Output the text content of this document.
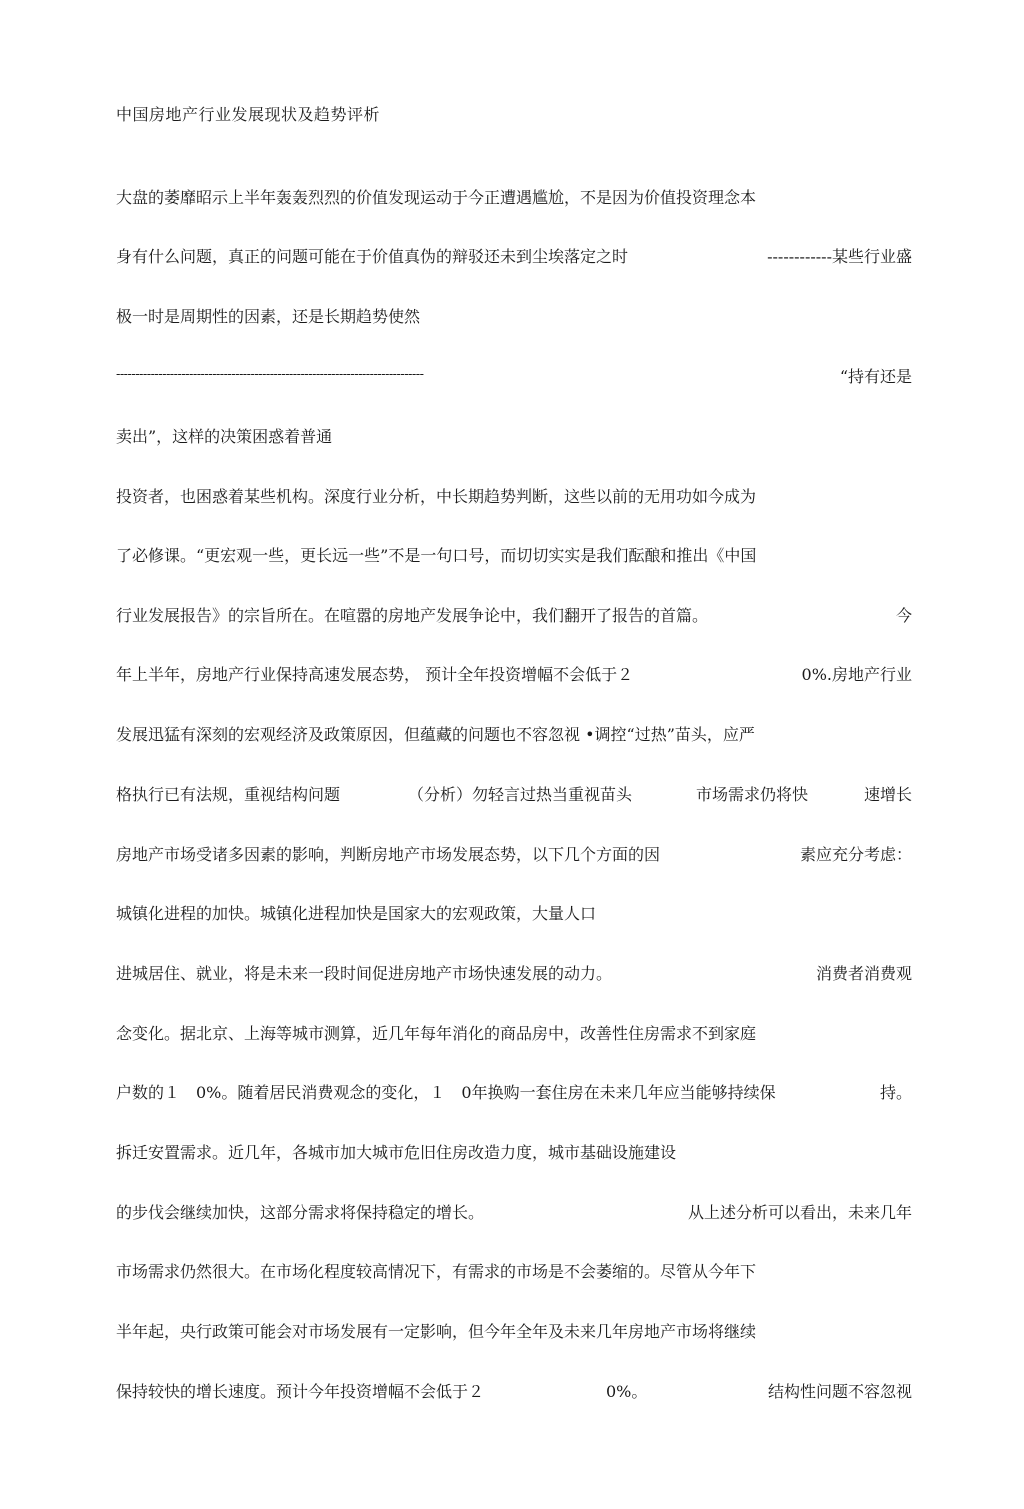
中国房地产行业发展现状及趋势评析
大盘的萎靡昭示上半年轰轰烈烈的价值发现运动于今正遭遇尴尬，不是因为价值投资理念本
身有什么问题，真正的问题可能在于价值真伪的辩驳还未到尘埃落定之时	------------某些行业盛
极一时是周期性的因素，还是长期趋势使然
--------------------------------------------------------------------------------	“持有还是
卖出”，这样的决策困惑着普通
投资者，也困惑着某些机构。深度行业分析，中长期趋势判断，这些以前的无用功如今成为
了必修课。“更宏观一些，更长远一些”不是一句口号，而切切实实是我们酝酿和推出《中国
行业发展报告》的宗旨所在。在喧嚣的房地产发展争论中，我们翻开了报告的首篇。	今
年上半年，房地产行业保持高速发展态势， 预计全年投资增幅不会低于２	0%.房地产行业
发展迅猛有深刻的宏观经济及政策原因，但蕴藏的问题也不容忽视 •调控“过热”苗头，应严
格执行已有法规，重视结构问题	（分析）勿轻言过热当重视苗头	市场需求仍将快	速增长
房地产市场受诸多因素的影响，判断房地产市场发展态势，以下几个方面的因	素应充分考虑：
城镇化进程的加快。城镇化进程加快是国家大的宏观政策，大量人口
进城居住、就业，将是未来一段时间促进房地产市场快速发展的动力。	消费者消费观
念变化。据北京、上海等城市测算，近几年每年消化的商品房中，改善性住房需求不到家庭
户数的１　0%。随着居民消费观念的变化，１　0年换购一套住房在未来几年应当能够持续保	持。
拆迁安置需求。近几年，各城市加大城市危旧住房改造力度，城市基础设施建设
的步伐会继续加快，这部分需求将保持稳定的增长。	从上述分析可以看出，未来几年
市场需求仍然很大。在市场化程度较高情况下，有需求的市场是不会萎缩的。尽管从今年下
半年起，央行政策可能会对市场发展有一定影响，但今年全年及未来几年房地产市场将继续
保持较快的增长速度。预计今年投资增幅不会低于２	0%。	结构性问题不容忽视
